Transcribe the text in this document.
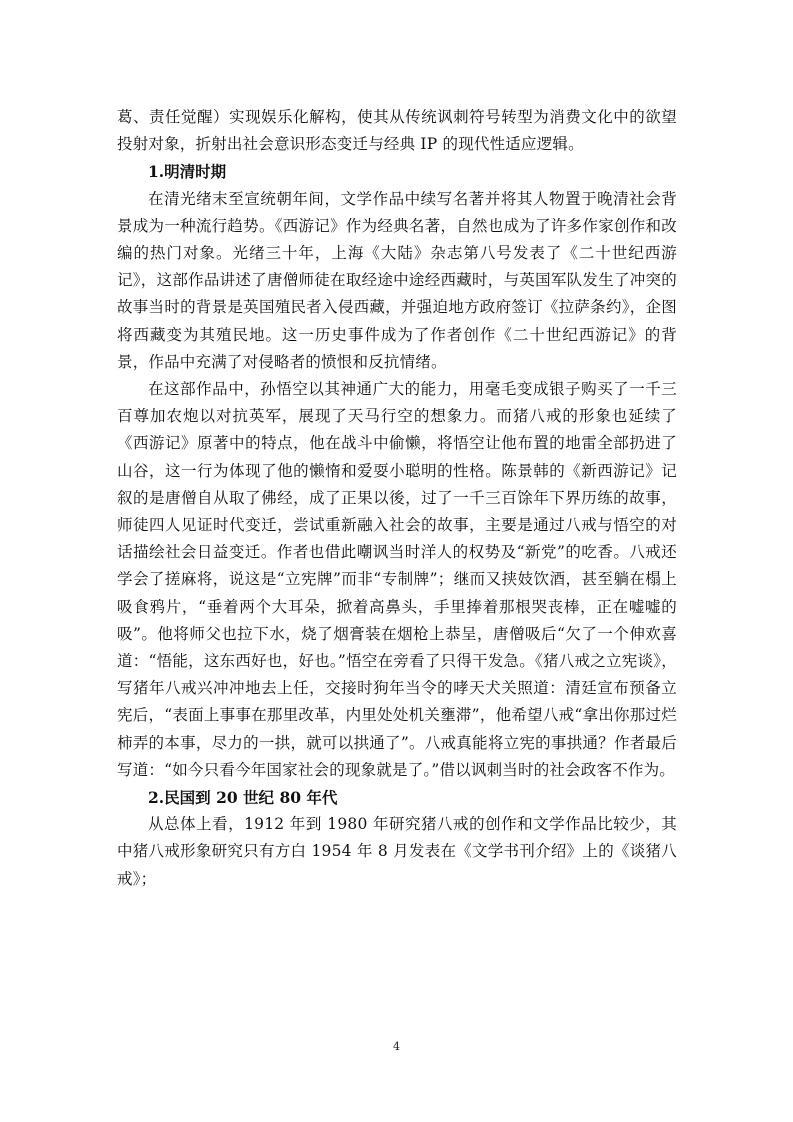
葛、责任觉醒）实现娱乐化解构，使其从传统讽刺符号转型为消费文化中的欲望投射对象，折射出社会意识形态变迁与经典 IP 的现代性适应逻辑。

1.明清时期

在清光绪末至宣统朝年间，文学作品中续写名著并将其人物置于晚清社会背景成为一种流行趋势。《西游记》作为经典名著，自然也成为了许多作家创作和改编的热门对象。光绪三十年，上海《大陆》杂志第八号发表了《二十世纪西游记》，这部作品讲述了唐僧师徒在取经途中途经西藏时，与英国军队发生了冲突的故事当时的背景是英国殖民者入侵西藏，并强迫地方政府签订《拉萨条约》，企图将西藏变为其殖民地。这一历史事件成为了作者创作《二十世纪西游记》的背景，作品中充满了对侵略者的愤恨和反抗情绪。

在这部作品中，孙悟空以其神通广大的能力，用毫毛变成银子购买了一千三百尊加农炮以对抗英军，展现了天马行空的想象力。而猪八戒的形象也延续了《西游记》原著中的特点，他在战斗中偷懒，将悟空让他布置的地雷全部扔进了山谷，这一行为体现了他的懒惰和爱耍小聪明的性格。陈景韩的《新西游记》记叙的是唐僧自从取了佛经，成了正果以後，过了一千三百馀年下界历练的故事，师徒四人见证时代变迁，尝试重新融入社会的故事，主要是通过八戒与悟空的对话描绘社会日益变迁。作者也借此嘲讽当时洋人的权势及“新党”的吃香。八戒还学会了搓麻将，说这是“立宪牌”而非“专制牌”；继而又挟妓饮酒，甚至躺在榻上吸食鸦片，“垂着两个大耳朵，掀着高鼻头，手里捧着那根哭丧棒，正在嘘嘘的吸”。他将师父也拉下水，烧了烟膏装在烟枪上恭呈，唐僧吸后“欠了一个伸欢喜道：“悟能，这东西好也，好也。”悟空在旁看了只得干发急。《猪八戒之立宪谈》，写猪年八戒兴冲冲地去上任，交接时狗年当令的哮天犬关照道：清廷宣布预备立宪后，“表面上事事在那里改革，内里处处机关壅滞”，他希望八戒“拿出你那过烂柿弄的本事，尽力的一拱，就可以拱通了”。八戒真能将立宪的事拱通？作者最后写道：“如今只看今年国家社会的现象就是了。”借以讽刺当时的社会政客不作为。

2.民国到 20 世纪 80 年代

从总体上看，1912 年到 1980 年研究猪八戒的创作和文学作品比较少，其中猪八戒形象研究只有方白 1954 年 8 月发表在《文学书刊介绍》上的《谈猪八戒》；

4
